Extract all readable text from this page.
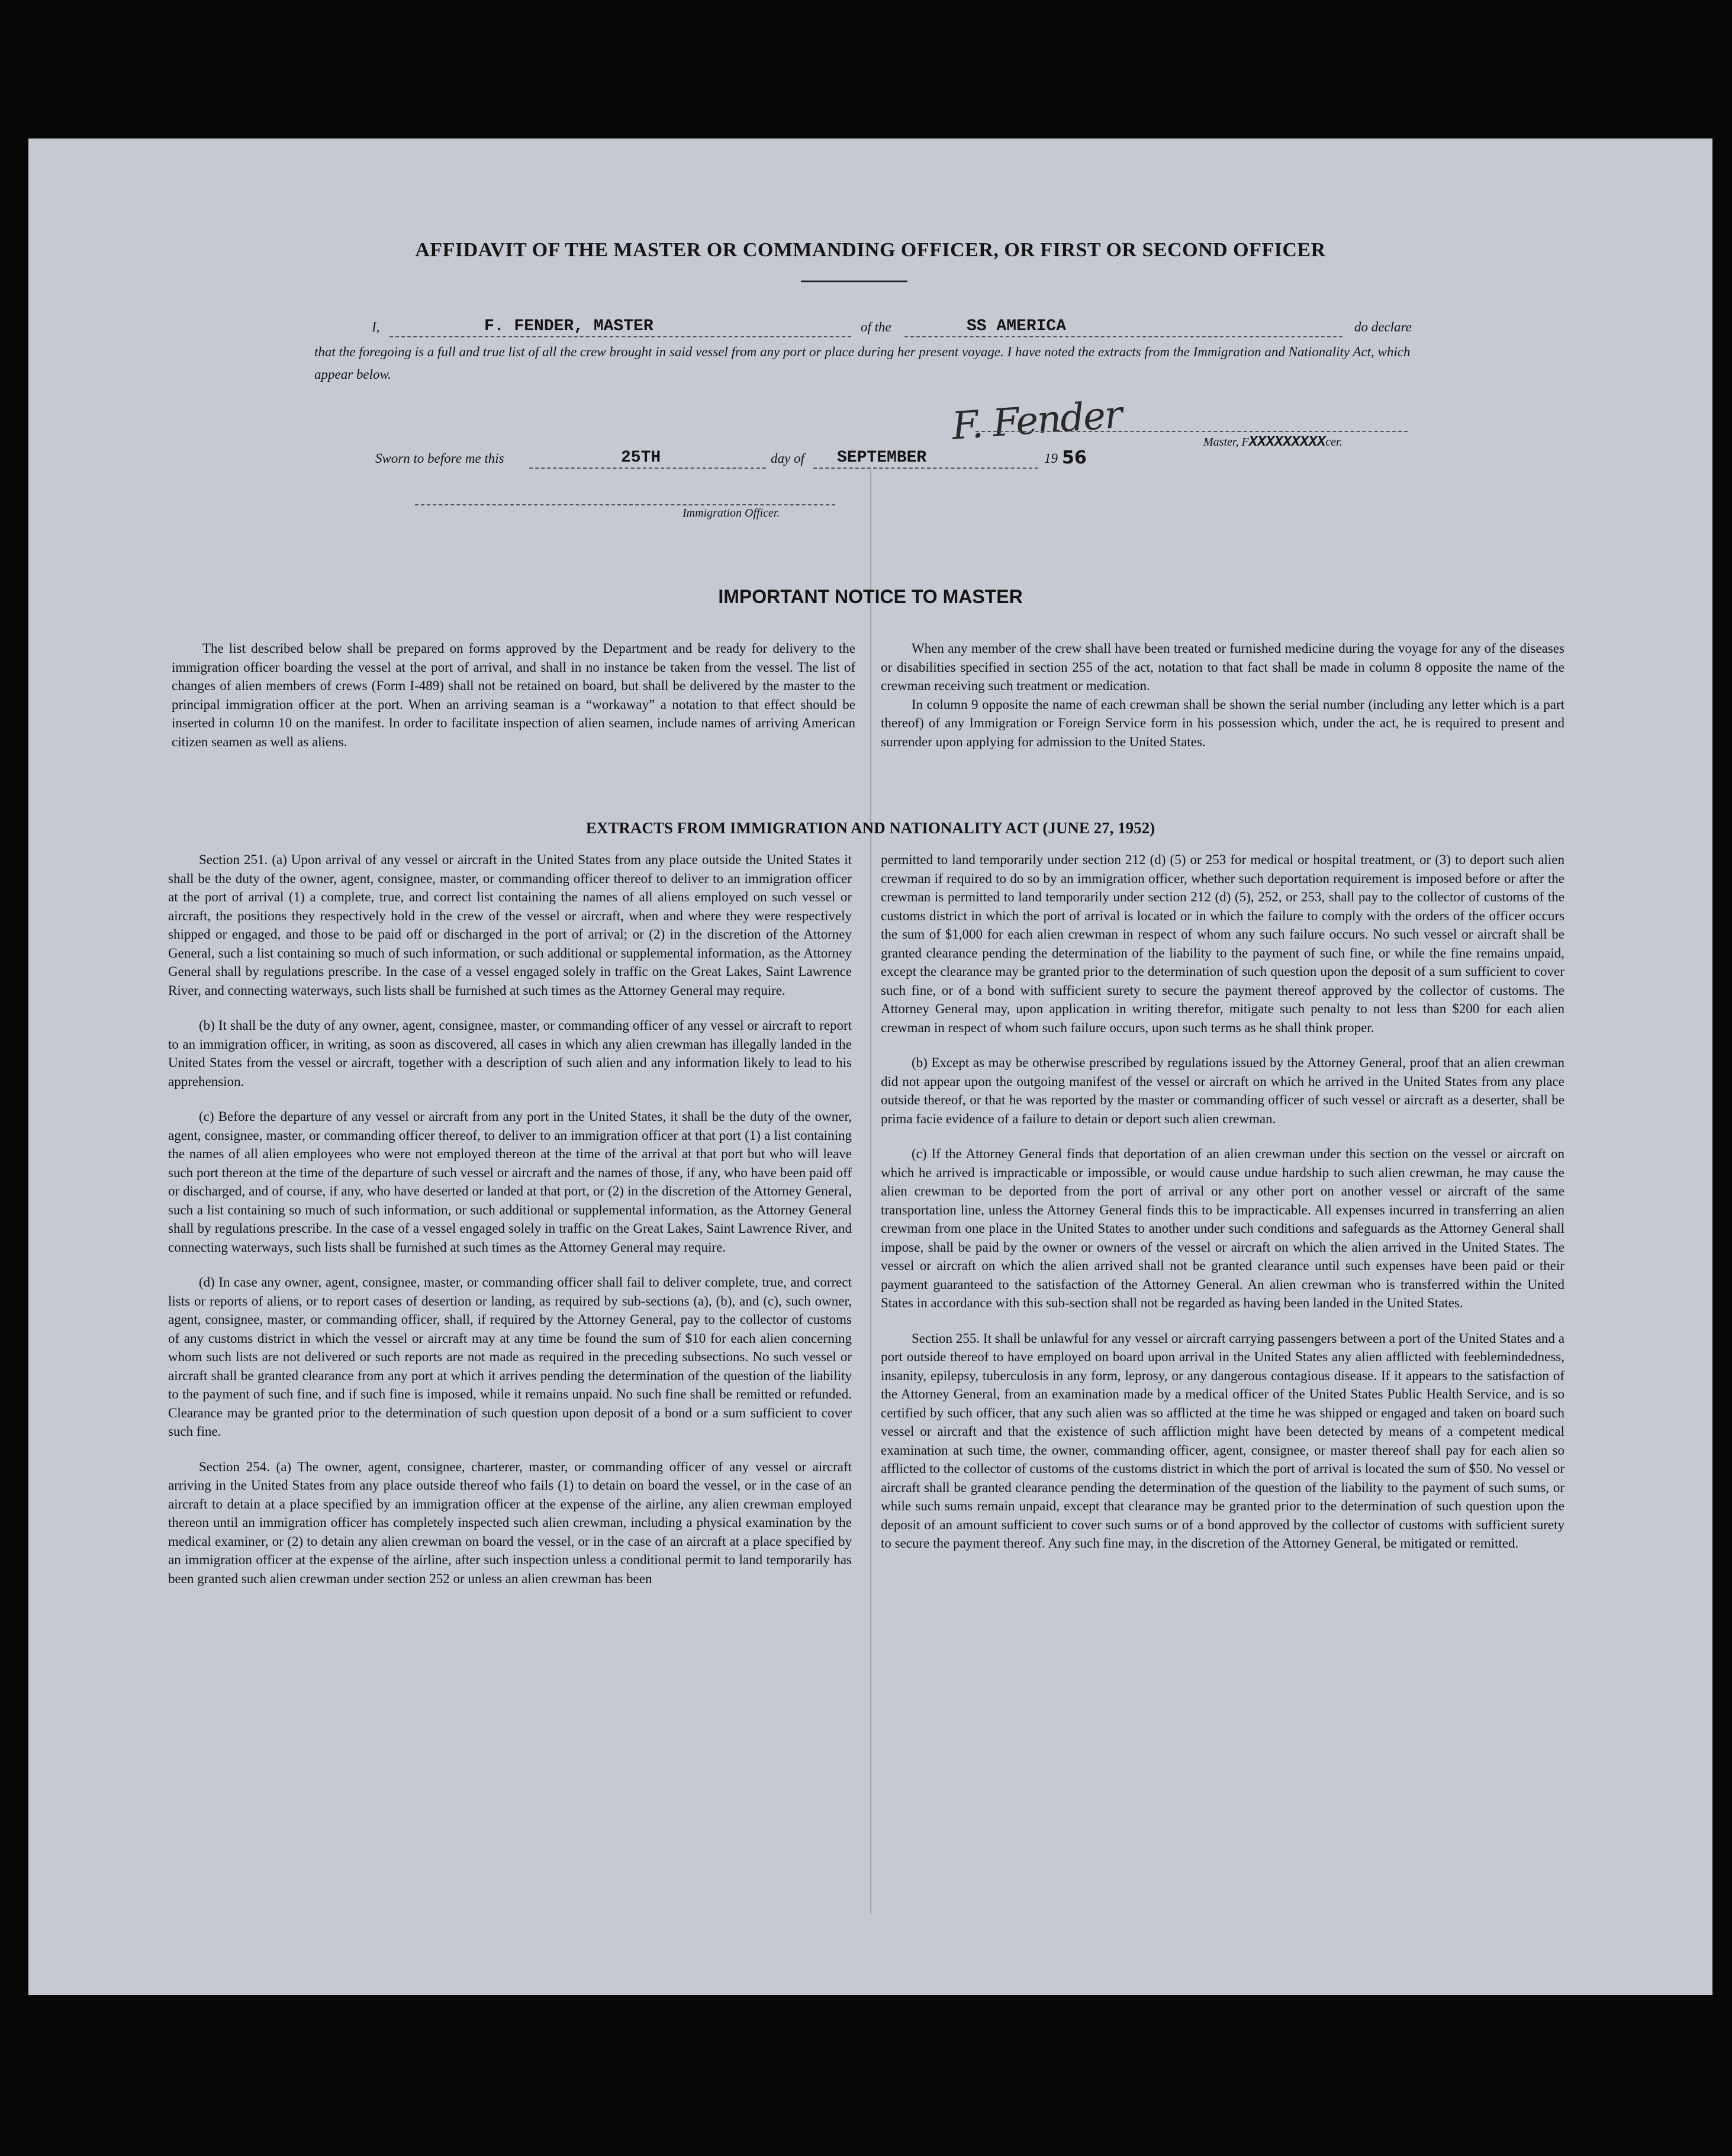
AFFIDAVIT OF THE MASTER OR COMMANDING OFFICER, OR FIRST OR SECOND OFFICER
I,	F. FENDER, MASTER	of the	SS AMERICA	do declare
that the foregoing is a full and true list of all the crew brought in said vessel from any port or place during her present voyage. I have noted the extracts from the Immigration and Nationality Act, which appear below.
F. Fender	Master, FXXXXXXXXXcer.
Sworn to before me this	25TH	day of SEPTEMBER	19 56
Immigration Officer.
IMPORTANT NOTICE TO MASTER

The list described below shall be prepared on forms approved by the Department and be ready for delivery to the immigration officer boarding the vessel at the port of arrival, and shall in no instance be taken from the vessel. The list of changes of alien members of crews (Form I-489) shall not be retained on board, but shall be delivered by the master to the principal immigration officer at the port. When an arriving seaman is a “workaway” a notation to that effect should be inserted in column 10 on the manifest. In order to facilitate inspection of alien seamen, include names of arriving American citizen seamen as well as aliens.

When any member of the crew shall have been treated or furnished medicine during the voyage for any of the diseases or disabilities specified in section 255 of the act, notation to that fact shall be made in column 8 opposite the name of the crewman receiving such treatment or medication.

In column 9 opposite the name of each crewman shall be shown the serial number (including any letter which is a part thereof) of any Immigration or Foreign Service form in his possession which, under the act, he is required to present and surrender upon applying for admission to the United States.

EXTRACTS FROM IMMIGRATION AND NATIONALITY ACT (JUNE 27, 1952)

Section 251. (a) Upon arrival of any vessel or aircraft in the United States from any place outside the United States it shall be the duty of the owner, agent, consignee, master, or commanding officer thereof to deliver to an immigration officer at the port of arrival (1) a complete, true, and correct list containing the names of all aliens employed on such vessel or aircraft, the positions they respectively hold in the crew of the vessel or aircraft, when and where they were respectively shipped or engaged, and those to be paid off or discharged in the port of arrival; or (2) in the discretion of the Attorney General, such a list containing so much of such information, or such additional or supplemental information, as the Attorney General shall by regulations prescribe. In the case of a vessel engaged solely in traffic on the Great Lakes, Saint Lawrence River, and connecting waterways, such lists shall be furnished at such times as the Attorney General may require.

(b) It shall be the duty of any owner, agent, consignee, master, or commanding officer of any vessel or aircraft to report to an immigration officer, in writing, as soon as discovered, all cases in which any alien crewman has illegally landed in the United States from the vessel or aircraft, together with a description of such alien and any information likely to lead to his apprehension.

(c) Before the departure of any vessel or aircraft from any port in the United States, it shall be the duty of the owner, agent, consignee, master, or commanding officer thereof, to deliver to an immigration officer at that port (1) a list containing the names of all alien employees who were not employed thereon at the time of the arrival at that port but who will leave such port thereon at the time of the departure of such vessel or aircraft and the names of those, if any, who have been paid off or discharged, and of course, if any, who have deserted or landed at that port, or (2) in the discretion of the Attorney General, such a list containing so much of such information, or such additional or supplemental information, as the Attorney General shall by regulations prescribe. In the case of a vessel engaged solely in traffic on the Great Lakes, Saint Lawrence River, and connecting waterways, such lists shall be furnished at such times as the Attorney General may require.

(d) In case any owner, agent, consignee, master, or commanding officer shall fail to deliver complete, true, and correct lists or reports of aliens, or to report cases of desertion or landing, as required by sub-sections (a), (b), and (c), such owner, agent, consignee, master, or commanding officer, shall, if required by the Attorney General, pay to the collector of customs of any customs district in which the vessel or aircraft may at any time be found the sum of $10 for each alien concerning whom such lists are not delivered or such reports are not made as required in the preceding subsections. No such vessel or aircraft shall be granted clearance from any port at which it arrives pending the determination of the question of the liability to the payment of such fine, and if such fine is imposed, while it remains unpaid. No such fine shall be remitted or refunded. Clearance may be granted prior to the determination of such question upon deposit of a bond or a sum sufficient to cover such fine.

Section 254. (a) The owner, agent, consignee, charterer, master, or commanding officer of any vessel or aircraft arriving in the United States from any place outside thereof who fails (1) to detain on board the vessel, or in the case of an aircraft to detain at a place specified by an immigration officer at the expense of the airline, any alien crewman employed thereon until an immigration officer has completely inspected such alien crewman, including a physical examination by the medical examiner, or (2) to detain any alien crewman on board the vessel, or in the case of an aircraft at a place specified by an immigration officer at the expense of the airline, after such inspection unless a conditional permit to land temporarily has been granted such alien crewman under section 252 or unless an alien crewman has been

permitted to land temporarily under section 212 (d) (5) or 253 for medical or hospital treatment, or (3) to deport such alien crewman if required to do so by an immigration officer, whether such deportation requirement is imposed before or after the crewman is permitted to land temporarily under section 212 (d) (5), 252, or 253, shall pay to the collector of customs of the customs district in which the port of arrival is located or in which the failure to comply with the orders of the officer occurs the sum of $1,000 for each alien crewman in respect of whom any such failure occurs. No such vessel or aircraft shall be granted clearance pending the determination of the liability to the payment of such fine, or while the fine remains unpaid, except the clearance may be granted prior to the determination of such question upon the deposit of a sum sufficient to cover such fine, or of a bond with sufficient surety to secure the payment thereof approved by the collector of customs. The Attorney General may, upon application in writing therefor, mitigate such penalty to not less than $200 for each alien crewman in respect of whom such failure occurs, upon such terms as he shall think proper.

(b) Except as may be otherwise prescribed by regulations issued by the Attorney General, proof that an alien crewman did not appear upon the outgoing manifest of the vessel or aircraft on which he arrived in the United States from any place outside thereof, or that he was reported by the master or commanding officer of such vessel or aircraft as a deserter, shall be prima facie evidence of a failure to detain or deport such alien crewman.

(c) If the Attorney General finds that deportation of an alien crewman under this section on the vessel or aircraft on which he arrived is impracticable or impossible, or would cause undue hardship to such alien crewman, he may cause the alien crewman to be deported from the port of arrival or any other port on another vessel or aircraft of the same transportation line, unless the Attorney General finds this to be impracticable. All expenses incurred in transferring an alien crewman from one place in the United States to another under such conditions and safeguards as the Attorney General shall impose, shall be paid by the owner or owners of the vessel or aircraft on which the alien arrived in the United States. The vessel or aircraft on which the alien arrived shall not be granted clearance until such expenses have been paid or their payment guaranteed to the satisfaction of the Attorney General. An alien crewman who is transferred within the United States in accordance with this sub-section shall not be regarded as having been landed in the United States.

Section 255. It shall be unlawful for any vessel or aircraft carrying passengers between a port of the United States and a port outside thereof to have employed on board upon arrival in the United States any alien afflicted with feeblemindedness, insanity, epilepsy, tuberculosis in any form, leprosy, or any dangerous contagious disease. If it appears to the satisfaction of the Attorney General, from an examination made by a medical officer of the United States Public Health Service, and is so certified by such officer, that any such alien was so afflicted at the time he was shipped or engaged and taken on board such vessel or aircraft and that the existence of such affliction might have been detected by means of a competent medical examination at such time, the owner, commanding officer, agent, consignee, or master thereof shall pay for each alien so afflicted to the collector of customs of the customs district in which the port of arrival is located the sum of $50. No vessel or aircraft shall be granted clearance pending the determination of the question of the liability to the payment of such sums, or while such sums remain unpaid, except that clearance may be granted prior to the determination of such question upon the deposit of an amount sufficient to cover such sums or of a bond approved by the collector of customs with sufficient surety to secure the payment thereof. Any such fine may, in the discretion of the Attorney General, be mitigated or remitted.
